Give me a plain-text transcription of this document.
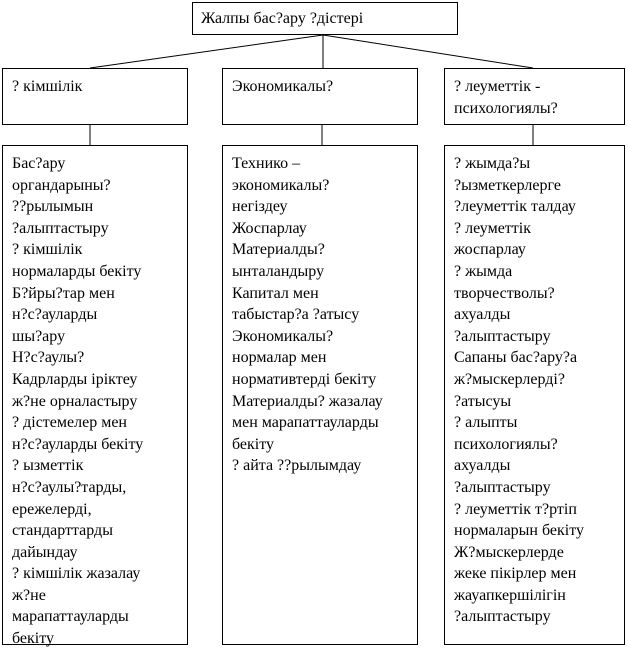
Жалпы бас?ару ?дістері
? кімшілік	Экономикалы?	? леуметтік -
психологиялы?
Бас?ару
органдарыны?
??рылымын
?алыптастыру
? кімшілік
нормаларды бекіту
Б?йры?тар мен
н?с?ауларды
шы?ару
Н?с?аулы?
Кадрларды іріктеу
ж?не орналастыру
? дістемелер мен
н?с?ауларды бекіту
? ызметтік
н?с?аулы?тарды,
ережелерді,
стандарттарды
дайындау
? кімшілік жазалау
ж?не
марапаттауларды
бекіту
Технико –
экономикалы?
негіздеу
Жоспарлау
Материалды?
ынталандыру
Капитал мен
табыстар?а ?атысу
Экономикалы?
нормалар мен
нормативтерді бекіту
Материалды? жазалау
мен марапаттауларды
бекіту
? айта ??рылымдау
? жымда?ы
?ызметкерлерге
?леуметтік талдау
? леуметтік
жоспарлау
? жымда
творчестволы?
ахуалды
?алыптастыру
Сапаны бас?ару?а
ж?мыскерлерді?
?атысуы
? алыпты
психологиялы?
ахуалды
?алыптастыру
? леуметтік т?ртіп
нормаларын бекіту
Ж?мыскерлерде
жеке пікірлер мен
жауапкершілігін
?алыптастыру
